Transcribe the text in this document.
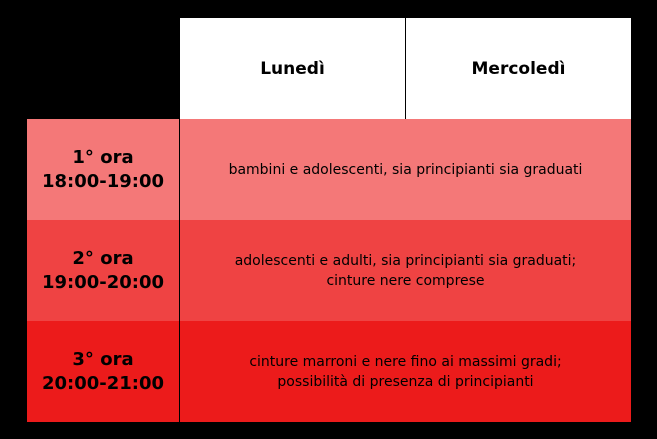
Lunedì	Mercoledì
1° ora
18:00-19:00
bambini e adolescenti, sia principianti sia graduati
2° ora
19:00-20:00
adolescenti e adulti, sia principianti sia graduati;
cinture nere comprese
3° ora
20:00-21:00
cinture marroni e nere fino ai massimi gradi;
possibilità di presenza di principianti
